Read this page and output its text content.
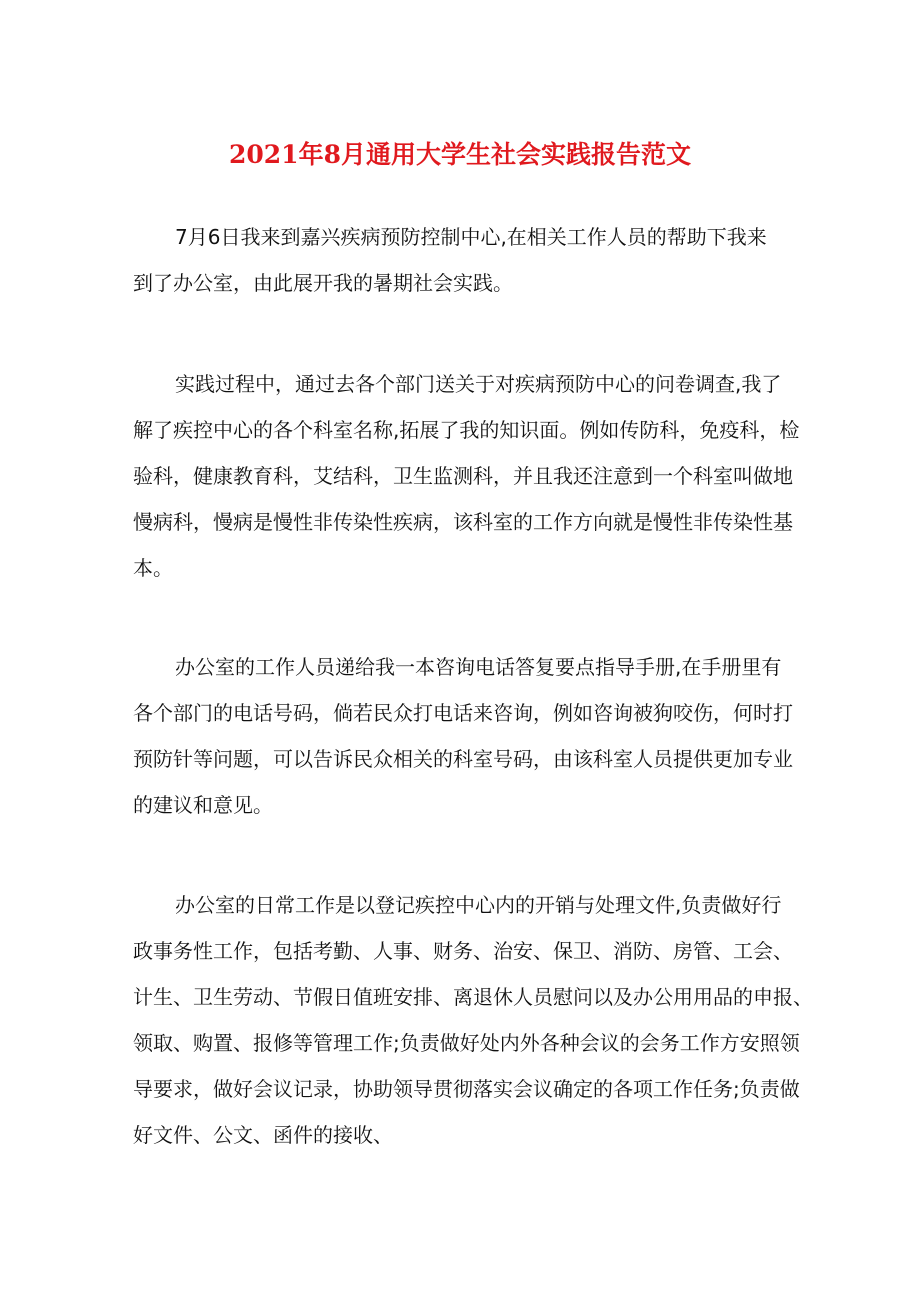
2021年8月通用大学生社会实践报告范文

7月6日我来到嘉兴疾病预防控制中心,在相关工作人员的帮助下我来
到了办公室，由此展开我的暑期社会实践。

实践过程中，通过去各个部门送关于对疾病预防中心的问卷调查,我了
解了疾控中心的各个科室名称,拓展了我的知识面。例如传防科，免疫科，检
验科，健康教育科，艾结科，卫生监测科，并且我还注意到一个科室叫做地
慢病科，慢病是慢性非传染性疾病，该科室的工作方向就是慢性非传染性基
本。

办公室的工作人员递给我一本咨询电话答复要点指导手册,在手册里有
各个部门的电话号码，倘若民众打电话来咨询，例如咨询被狗咬伤，何时打
预防针等问题，可以告诉民众相关的科室号码，由该科室人员提供更加专业
的建议和意见。

办公室的日常工作是以登记疾控中心内的开销与处理文件,负责做好行
政事务性工作，包括考勤、人事、财务、治安、保卫、消防、房管、工会、
计生、卫生劳动、节假日值班安排、离退休人员慰问以及办公用用品的申报、
领取、购置、报修等管理工作;负责做好处内外各种会议的会务工作方安照领
导要求，做好会议记录，协助领导贯彻落实会议确定的各项工作任务;负责做
好文件、公文、函件的接收、
